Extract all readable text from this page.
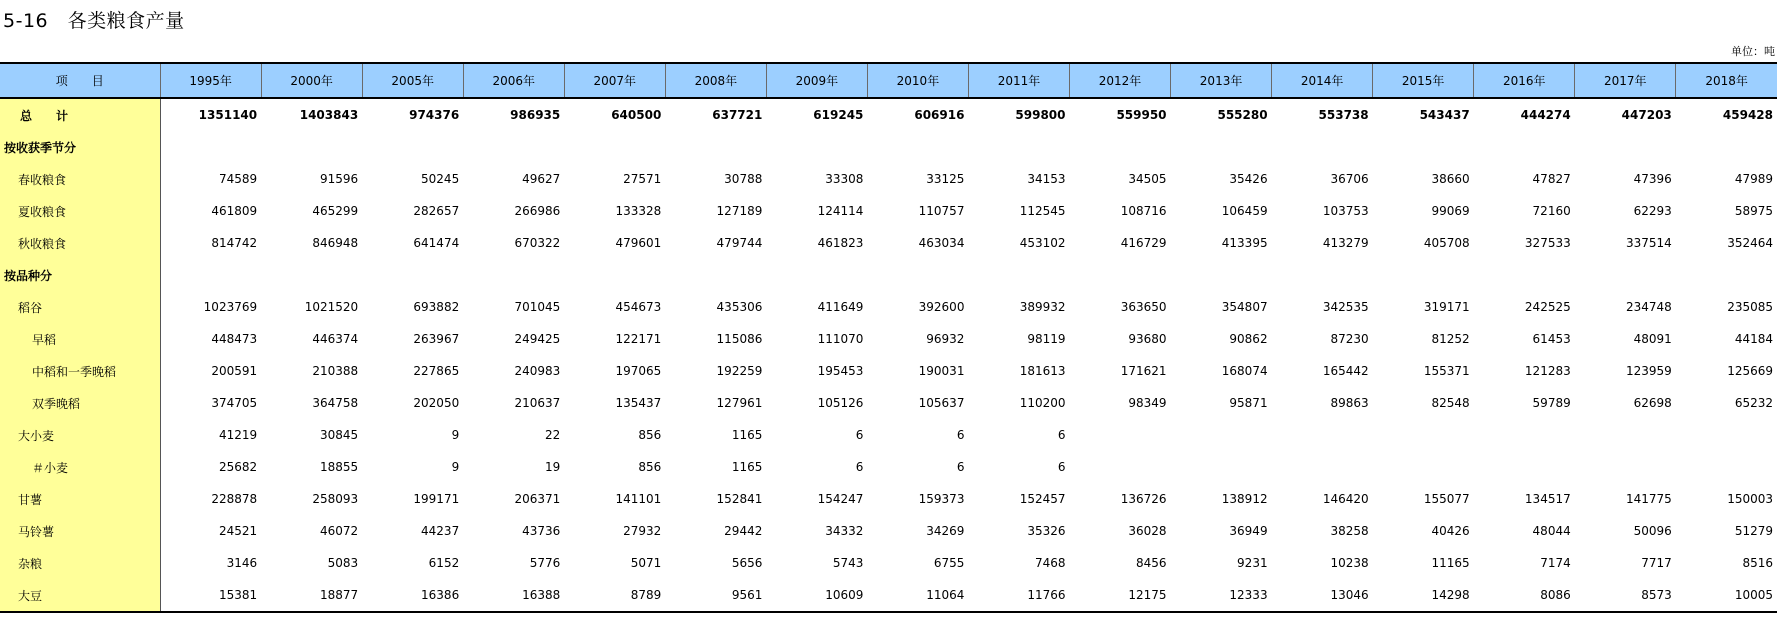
5-16　各类粮食产量
单位：吨
项　　目	1995年	2000年	2005年	2006年	2007年	2008年	2009年	2010年	2011年	2012年	2013年	2014年	2015年	2016年	2017年	2018年
总　　计	1351140	1403843	974376	986935	640500	637721	619245	606916	599800	559950	555280	553738	543437	444274	447203	459428
按收获季节分																
春收粮食	74589	91596	50245	49627	27571	30788	33308	33125	34153	34505	35426	36706	38660	47827	47396	47989
夏收粮食	461809	465299	282657	266986	133328	127189	124114	110757	112545	108716	106459	103753	99069	72160	62293	58975
秋收粮食	814742	846948	641474	670322	479601	479744	461823	463034	453102	416729	413395	413279	405708	327533	337514	352464
按品种分																
稻谷	1023769	1021520	693882	701045	454673	435306	411649	392600	389932	363650	354807	342535	319171	242525	234748	235085
早稻	448473	446374	263967	249425	122171	115086	111070	96932	98119	93680	90862	87230	81252	61453	48091	44184
中稻和一季晚稻	200591	210388	227865	240983	197065	192259	195453	190031	181613	171621	168074	165442	155371	121283	123959	125669
双季晚稻	374705	364758	202050	210637	135437	127961	105126	105637	110200	98349	95871	89863	82548	59789	62698	65232
大小麦	41219	30845	9	22	856	1165	6	6	6							
＃小麦	25682	18855	9	19	856	1165	6	6	6							
甘薯	228878	258093	199171	206371	141101	152841	154247	159373	152457	136726	138912	146420	155077	134517	141775	150003
马铃薯	24521	46072	44237	43736	27932	29442	34332	34269	35326	36028	36949	38258	40426	48044	50096	51279
杂粮	3146	5083	6152	5776	5071	5656	5743	6755	7468	8456	9231	10238	11165	7174	7717	8516
大豆	15381	18877	16386	16388	8789	9561	10609	11064	11766	12175	12333	13046	14298	8086	8573	10005
